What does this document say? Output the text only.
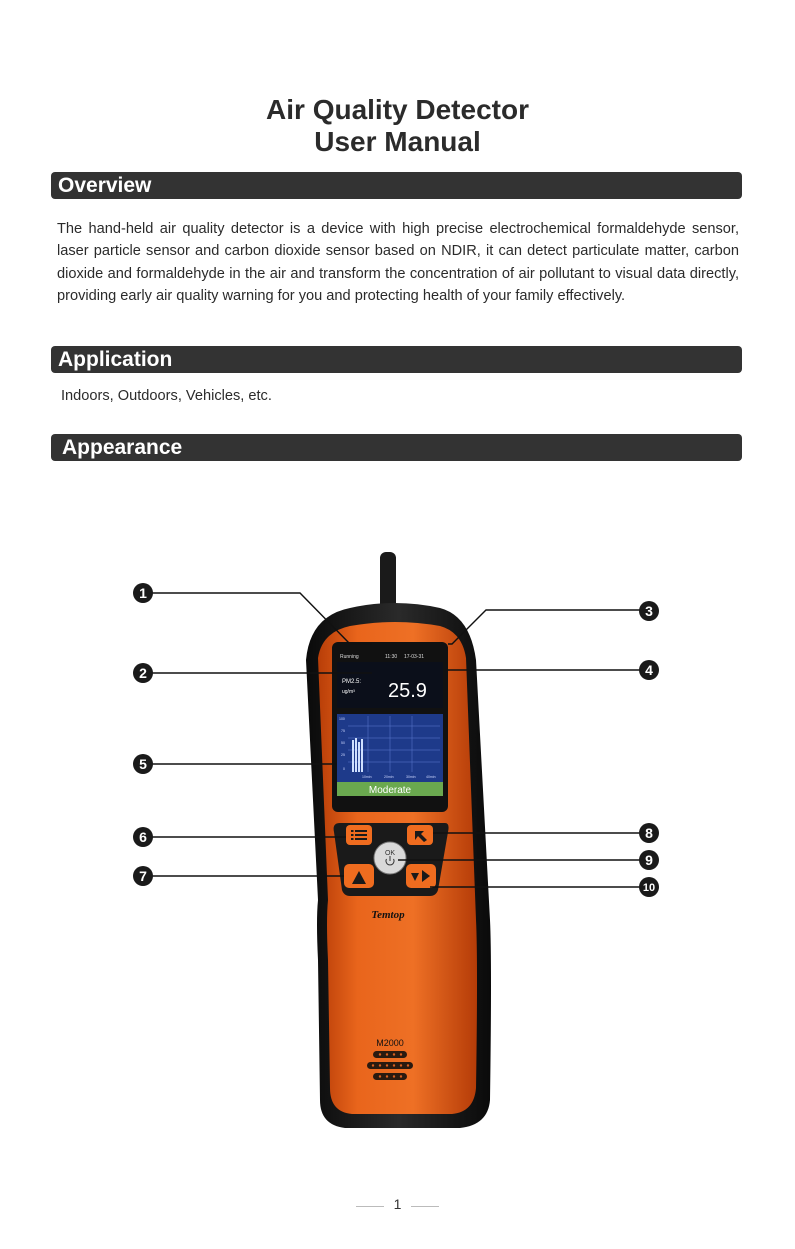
Air Quality Detector
User Manual
Overview
The hand-held air quality detector is a device with high precise electrochemical formaldehyde sensor, laser particle sensor and carbon dioxide sensor based on NDIR, it can detect particulate matter, carbon dioxide and formaldehyde in the air and transform the concentration of air pollutant to visual data directly, providing early air quality warning for you and protecting health of your family effectively.
Application
Indoors, Outdoors, Vehicles, etc.
Appearance
Running	11:30 17-03-31
PM2.5:
ug/m³ 25.9
100
75
50
25
0
10min	20min	30min	40min
Moderate
OK
Temtop
M2000
1
2
3
4
5
6
7
8
9
10
1
